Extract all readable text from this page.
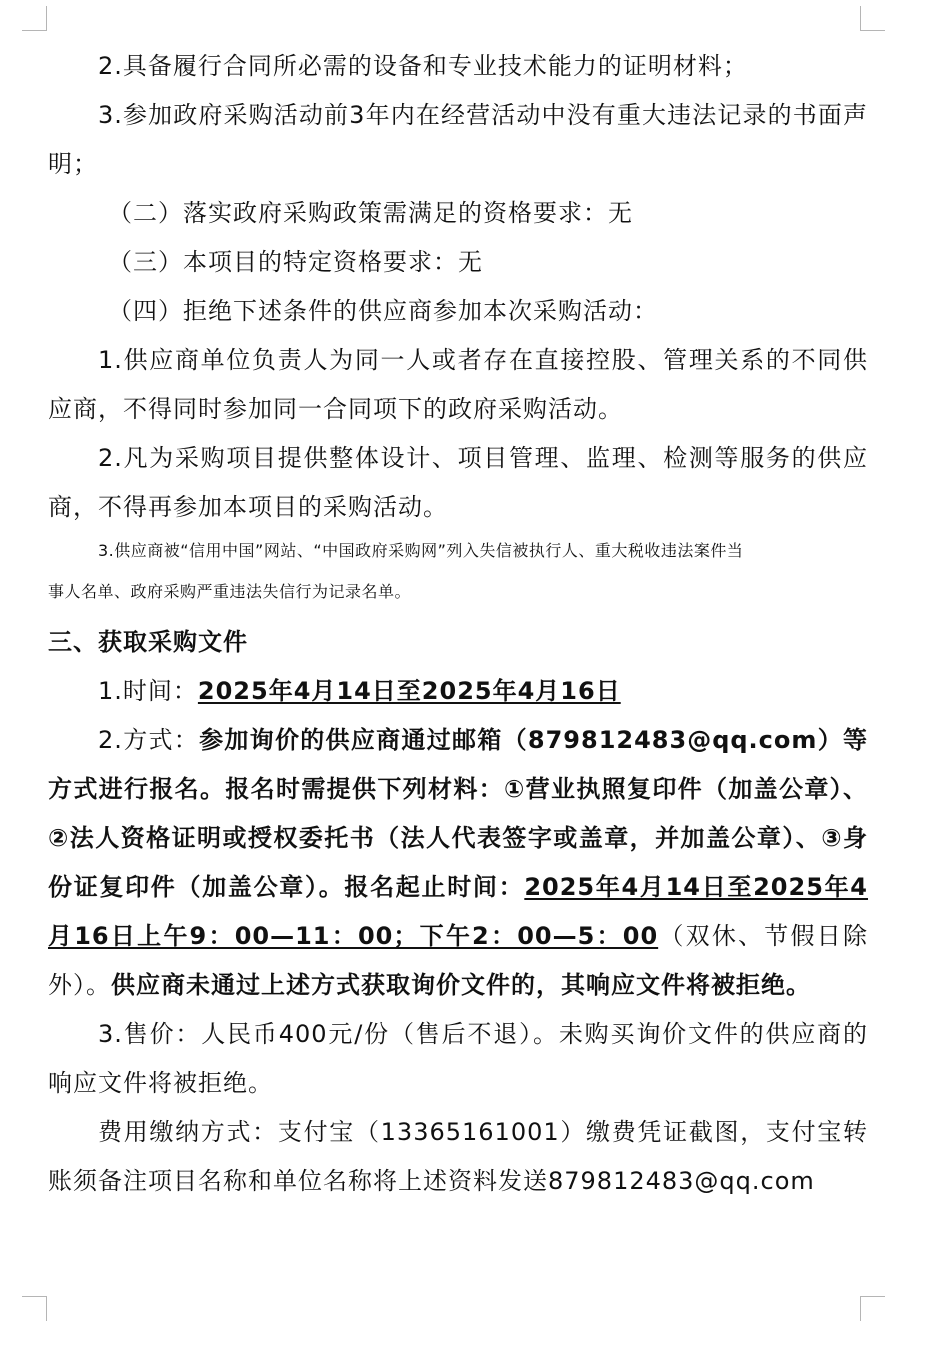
2.具备履行合同所必需的设备和专业技术能力的证明材料；

3.参加政府采购活动前3年内在经营活动中没有重大违法记录的书面声明；

（二）落实政府采购政策需满足的资格要求：无

（三）本项目的特定资格要求：无

（四）拒绝下述条件的供应商参加本次采购活动：

1.供应商单位负责人为同一人或者存在直接控股、管理关系的不同供应商，不得同时参加同一合同项下的政府采购活动。

2.凡为采购项目提供整体设计、项目管理、监理、检测等服务的供应商，不得再参加本项目的采购活动。

3.供应商被“信用中国”网站、“中国政府采购网”列入失信被执行人、重大税收违法案件当

事人名单、政府采购严重违法失信行为记录名单。

三、获取采购文件

1.时间：2025年4月14日至2025年4月16日

2.方式：参加询价的供应商通过邮箱（879812483@qq.com）等方式进行报名。报名时需提供下列材料：①营业执照复印件（加盖公章）、②法人资格证明或授权委托书（法人代表签字或盖章，并加盖公章）、③身份证复印件（加盖公章）。报名起止时间：2025年4月14日至2025年4月16日上午9：00—11：00；下午2：00—5：00（双休、节假日除外）。供应商未通过上述方式获取询价文件的，其响应文件将被拒绝。

3.售价：人民币400元/份（售后不退）。未购买询价文件的供应商的响应文件将被拒绝。

费用缴纳方式：支付宝（13365161001）缴费凭证截图，支付宝转账须备注项目名称和单位名称将上述资料发送879812483@qq.com
